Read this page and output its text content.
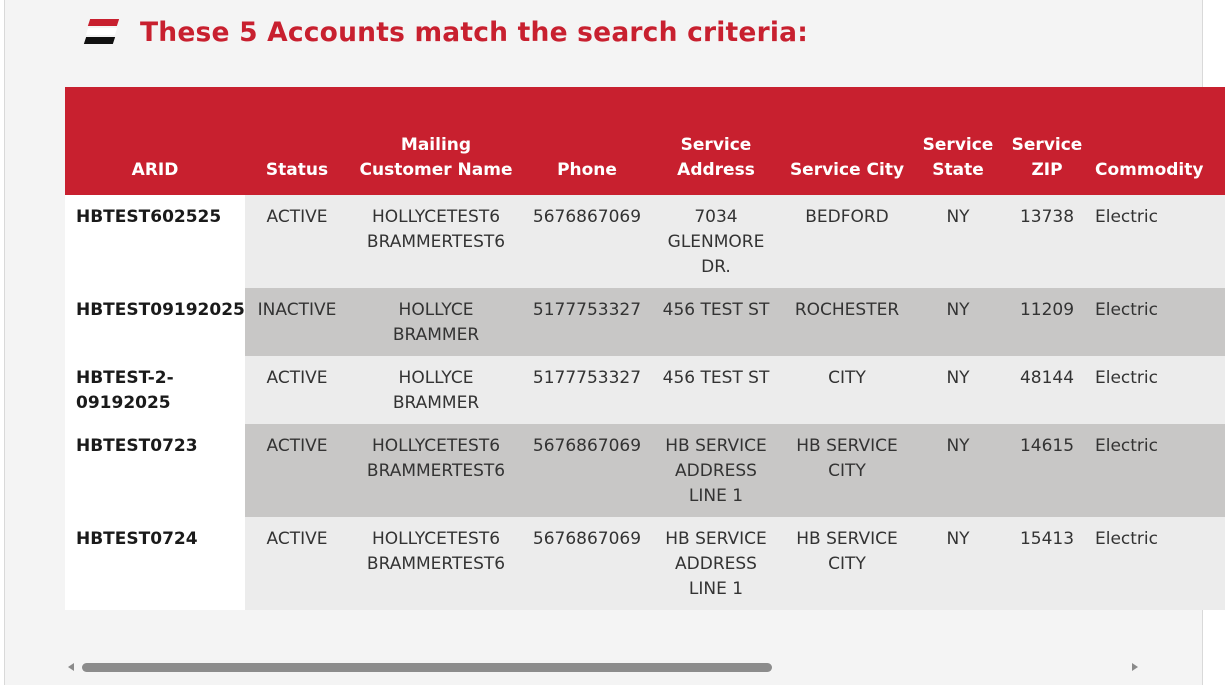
These 5 Accounts match the search criteria:
ARID	Status	Mailing Customer Name	Phone	Service Address	Service City	Service State	Service ZIP	Commodity
HBTEST602525	ACTIVE	HOLLYCETEST6 BRAMMERTEST6	5676867069	7034 GLENMORE DR.	BEDFORD	NY	13738	Electric
HBTEST09192025	INACTIVE	HOLLYCE BRAMMER	5177753327	456 TEST ST	ROCHESTER	NY	11209	Electric
HBTEST-2-09192025	ACTIVE	HOLLYCE BRAMMER	5177753327	456 TEST ST	CITY	NY	48144	Electric
HBTEST0723	ACTIVE	HOLLYCETEST6 BRAMMERTEST6	5676867069	HB SERVICE ADDRESS LINE 1	HB SERVICE CITY	NY	14615	Electric
HBTEST0724	ACTIVE	HOLLYCETEST6 BRAMMERTEST6	5676867069	HB SERVICE ADDRESS LINE 1	HB SERVICE CITY	NY	15413	Electric
